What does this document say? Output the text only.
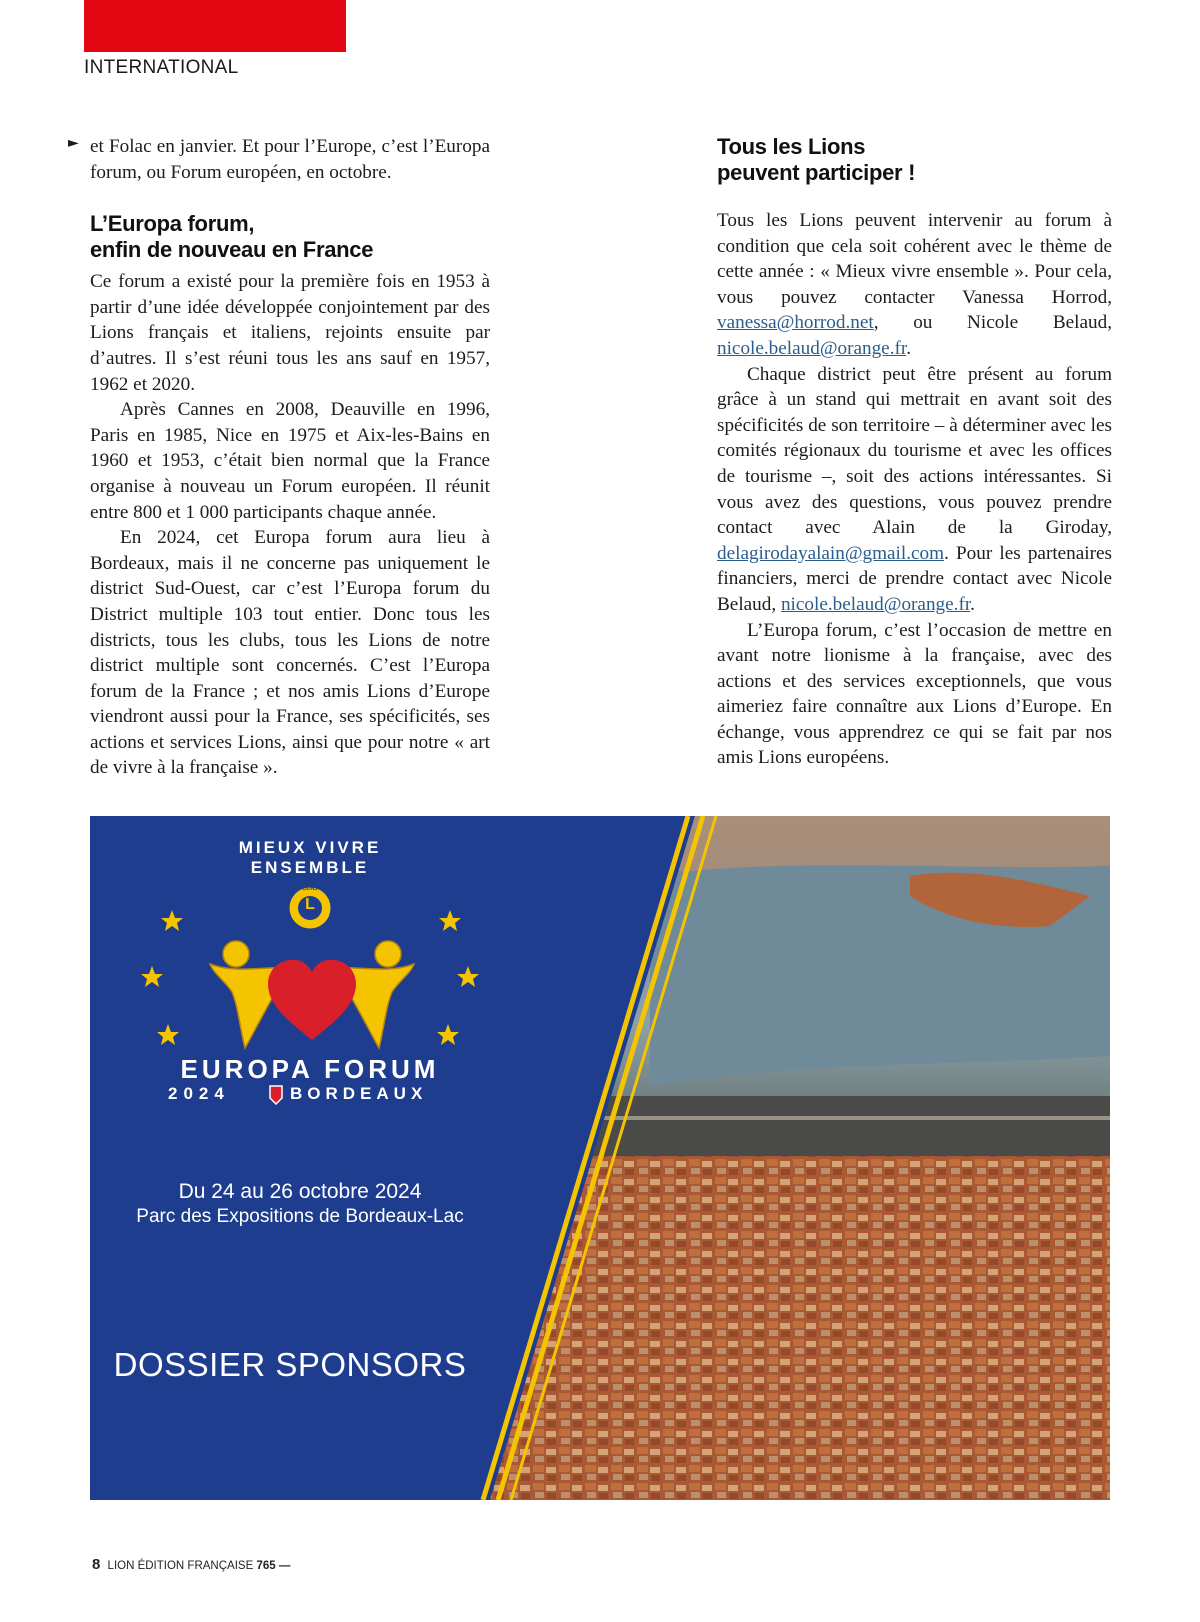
INTERNATIONAL
► et Folac en janvier. Et pour l’Europe, c’est l’Europa forum, ou Forum européen, en octobre.

L’Europa forum,
enfin de nouveau en France

Ce forum a existé pour la première fois en 1953 à partir d’une idée développée conjointement par des Lions français et italiens, rejoints ensuite par d’autres. Il s’est réuni tous les ans sauf en 1957, 1962 et 2020.

Après Cannes en 2008, Deauville en 1996, Paris en 1985, Nice en 1975 et Aix-les-Bains en 1960 et 1953, c’était bien normal que la France organise à nouveau un Forum européen. Il réunit entre 800 et 1 000 participants chaque année.

En 2024, cet Europa forum aura lieu à Bordeaux, mais il ne concerne pas uniquement le district Sud-Ouest, car c’est l’Europa forum du District multiple 103 tout entier. Donc tous les districts, tous les clubs, tous les Lions de notre district multiple sont concernés. C’est l’Europa forum de la France ; et nos amis Lions d’Europe viendront aussi pour la France, ses spécificités, ses actions et services Lions, ainsi que pour notre « art de vivre à la française ».

Tous les Lions
peuvent participer !

Tous les Lions peuvent intervenir au forum à condition que cela soit cohérent avec le thème de cette année : « Mieux vivre ensemble ». Pour cela, vous pouvez contacter Vanessa Horrod, vanessa@horrod.net, ou Nicole Belaud, nicole.belaud@orange.fr.

Chaque district peut être présent au forum grâce à un stand qui mettrait en avant soit des spécificités de son territoire – à déterminer avec les comités régionaux du tourisme et avec les offices de tourisme –, soit des actions intéressantes. Si vous avez des questions, vous pouvez prendre contact avec Alain de la Giroday, delagirodayalain@gmail.com. Pour les partenaires financiers, merci de prendre contact avec Nicole Belaud, nicole.belaud@orange.fr.

L’Europa forum, c’est l’occasion de mettre en avant notre lionisme à la française, avec des actions et des services exceptionnels, que vous aimeriez faire connaître aux Lions d’Europe. En échange, vous apprendrez ce qui se fait par nos amis Lions européens.

MIEUX VIVRE ENSEMBLE
L
LIONS
EUROPA FORUM
2024	BORDEAUX
Du 24 au 26 octobre 2024
Parc des Expositions de Bordeaux-Lac
DOSSIER SPONSORS
8 LION ÉDITION FRANÇAISE 765 —
